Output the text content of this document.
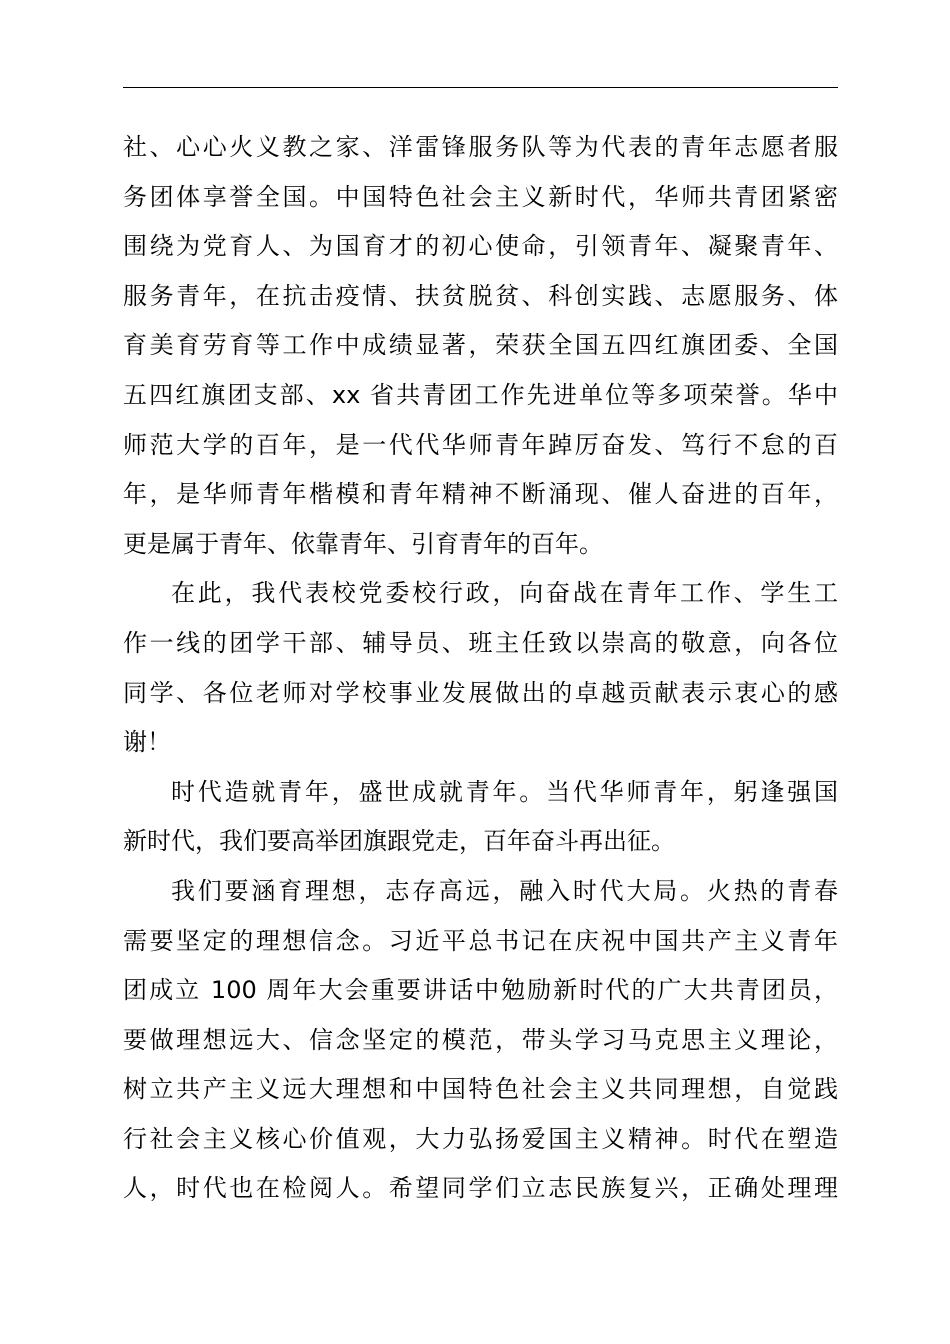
社、心心火义教之家、洋雷锋服务队等为代表的青年志愿者服
务团体享誉全国。中国特色社会主义新时代，华师共青团紧密
围绕为党育人、为国育才的初心使命，引领青年、凝聚青年、
服务青年，在抗击疫情、扶贫脱贫、科创实践、志愿服务、体
育美育劳育等工作中成绩显著，荣获全国五四红旗团委、全国
五四红旗团支部、xx 省共青团工作先进单位等多项荣誉。华中
师范大学的百年，是一代代华师青年踔厉奋发、笃行不怠的百
年，是华师青年楷模和青年精神不断涌现、催人奋进的百年，
更是属于青年、依靠青年、引育青年的百年。
在此，我代表校党委校行政，向奋战在青年工作、学生工
作一线的团学干部、辅导员、班主任致以崇高的敬意，向各位
同学、各位老师对学校事业发展做出的卓越贡献表示衷心的感
谢！
时代造就青年，盛世成就青年。当代华师青年，躬逢强国
新时代，我们要高举团旗跟党走，百年奋斗再出征。
我们要涵育理想，志存高远，融入时代大局。火热的青春
需要坚定的理想信念。习近平总书记在庆祝中国共产主义青年
团成立 100 周年大会重要讲话中勉励新时代的广大共青团员，
要做理想远大、信念坚定的模范，带头学习马克思主义理论，
树立共产主义远大理想和中国特色社会主义共同理想，自觉践
行社会主义核心价值观，大力弘扬爱国主义精神。时代在塑造
人，时代也在检阅人。希望同学们立志民族复兴，正确处理理
